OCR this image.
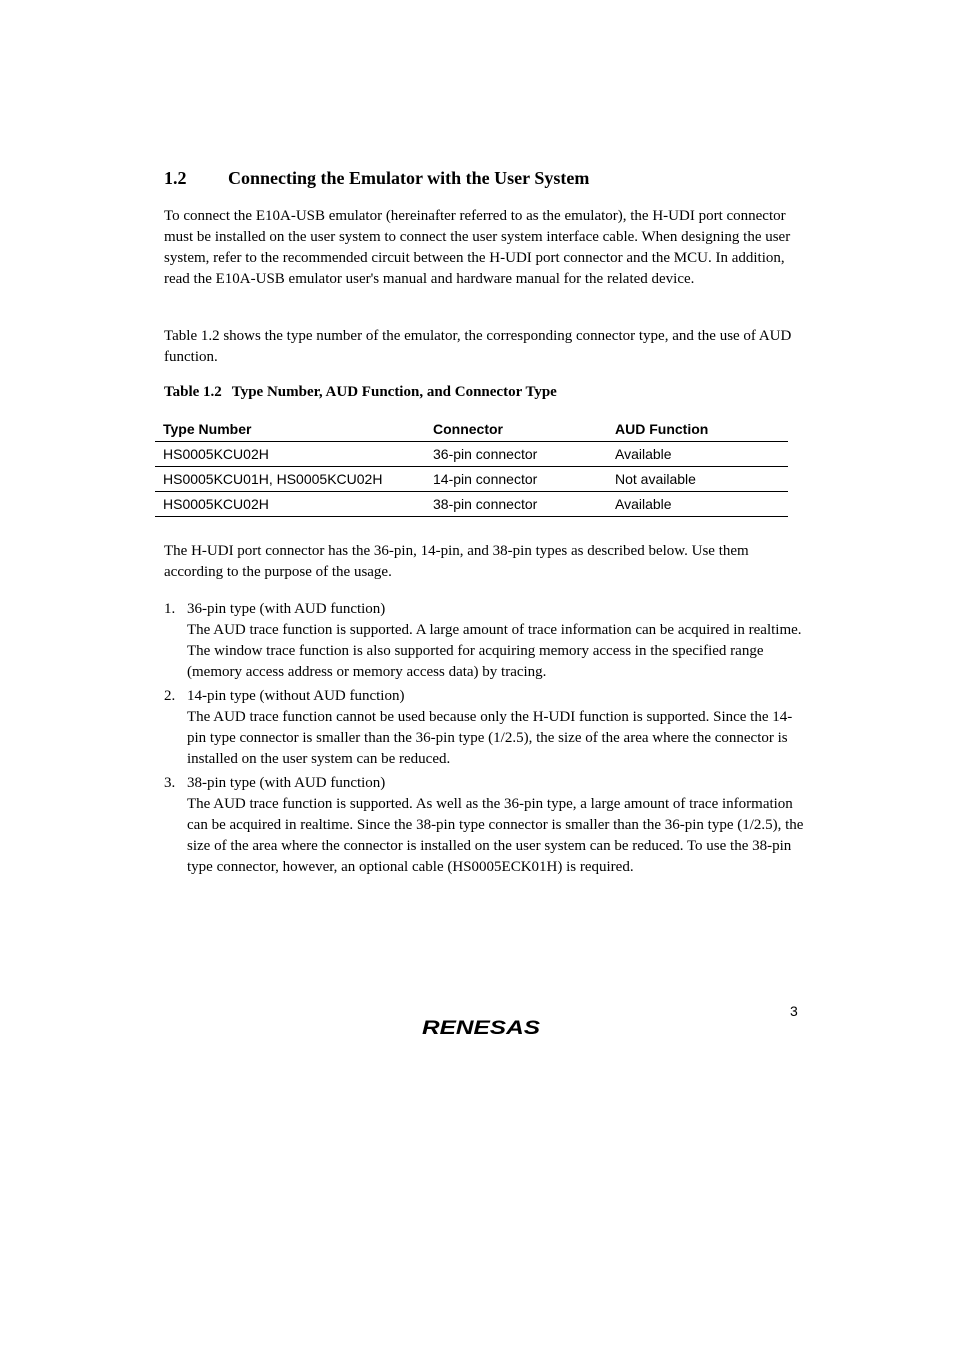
1.2 Connecting the Emulator with the User System
To connect the E10A-USB emulator (hereinafter referred to as the emulator), the H-UDI port connector must be installed on the user system to connect the user system interface cable. When designing the user system, refer to the recommended circuit between the H-UDI port connector and the MCU. In addition, read the E10A-USB emulator user's manual and hardware manual for the related device.
Table 1.2 shows the type number of the emulator, the corresponding connector type, and the use of AUD function.
Table 1.2 Type Number, AUD Function, and Connector Type
Type Number	Connector	AUD Function
HS0005KCU02H	36-pin connector	Available
HS0005KCU01H, HS0005KCU02H	14-pin connector	Not available
HS0005KCU02H	38-pin connector	Available
The H-UDI port connector has the 36-pin, 14-pin, and 38-pin types as described below. Use them according to the purpose of the usage.
1. 36-pin type (with AUD function)
The AUD trace function is supported. A large amount of trace information can be acquired in realtime. The window trace function is also supported for acquiring memory access in the specified range (memory access address or memory access data) by tracing.
2. 14-pin type (without AUD function)
The AUD trace function cannot be used because only the H-UDI function is supported. Since the 14-pin type connector is smaller than the 36-pin type (1/2.5), the size of the area where the connector is installed on the user system can be reduced.
3. 38-pin type (with AUD function)
The AUD trace function is supported. As well as the 36-pin type, a large amount of trace information can be acquired in realtime. Since the 38-pin type connector is smaller than the 36-pin type (1/2.5), the size of the area where the connector is installed on the user system can be reduced. To use the 38-pin type connector, however, an optional cable (HS0005ECK01H) is required.
3
RENESAS
